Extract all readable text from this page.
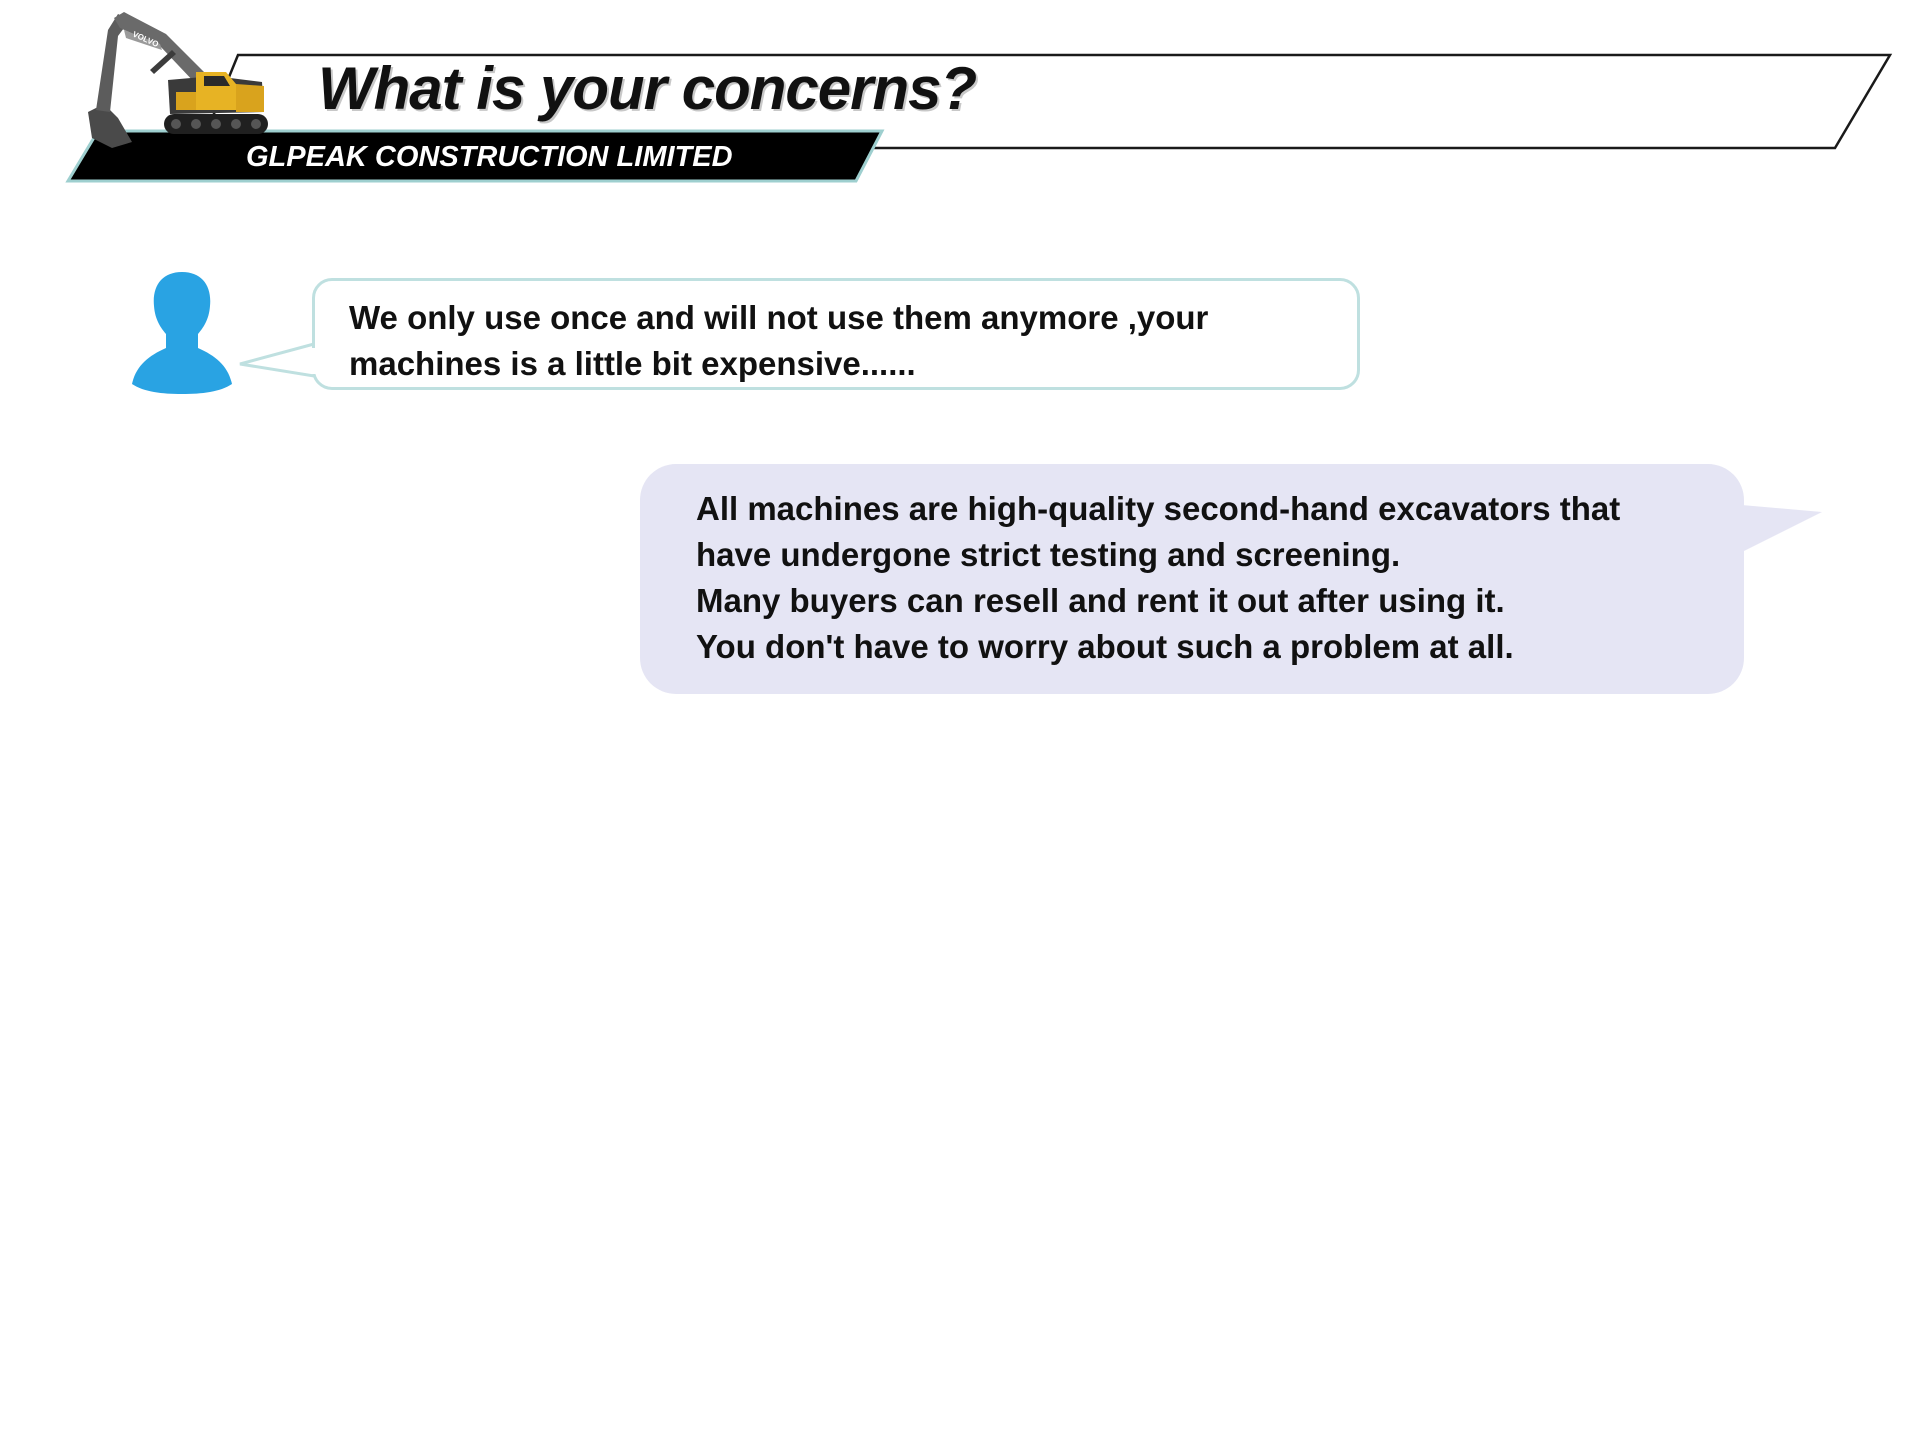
VOLVO
What is your concerns?
GLPEAK CONSTRUCTION LIMITED

We only use once and will not use them anymore ,your

machines is a little bit expensive......

All machines are high-quality second-hand excavators that

have undergone strict testing and screening.

Many buyers can resell and rent it out after using it.

You don't have to worry about such a problem at all.
